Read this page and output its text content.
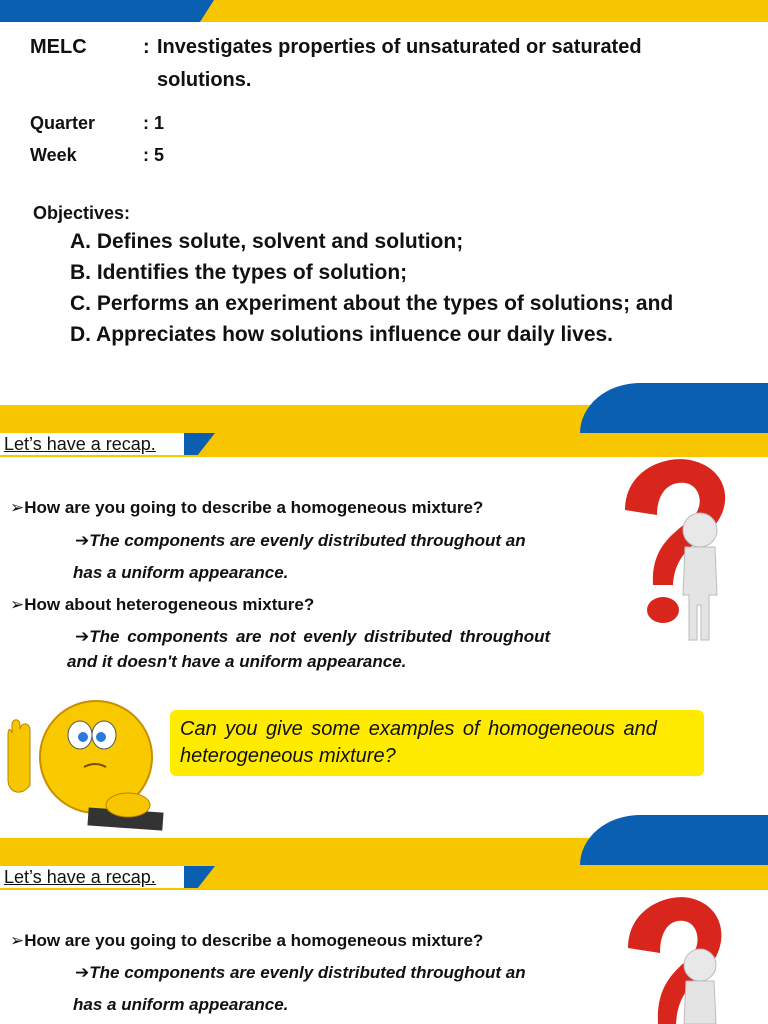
MELC	: Investigates properties of unsaturated or saturated
solutions.
Quarter	: 1
Week	: 5
Objectives:
A. Defines solute, solvent and solution;
B. Identifies the types of solution;
C. Performs an experiment about the types of solutions; and
D. Appreciates how solutions influence our daily lives.
Let’s have a recap.
➢How are you going to describe a homogeneous mixture?
➔The components are evenly distributed throughout an
has a uniform appearance.
➢How about heterogeneous mixture?
➔The components are not evenly distributed throughout
and it doesn't have a uniform appearance.
Can you give some examples of homogeneous and
heterogeneous mixture?
Let’s have a recap.
➢How are you going to describe a homogeneous mixture?
➔The components are evenly distributed throughout an
has a uniform appearance.
